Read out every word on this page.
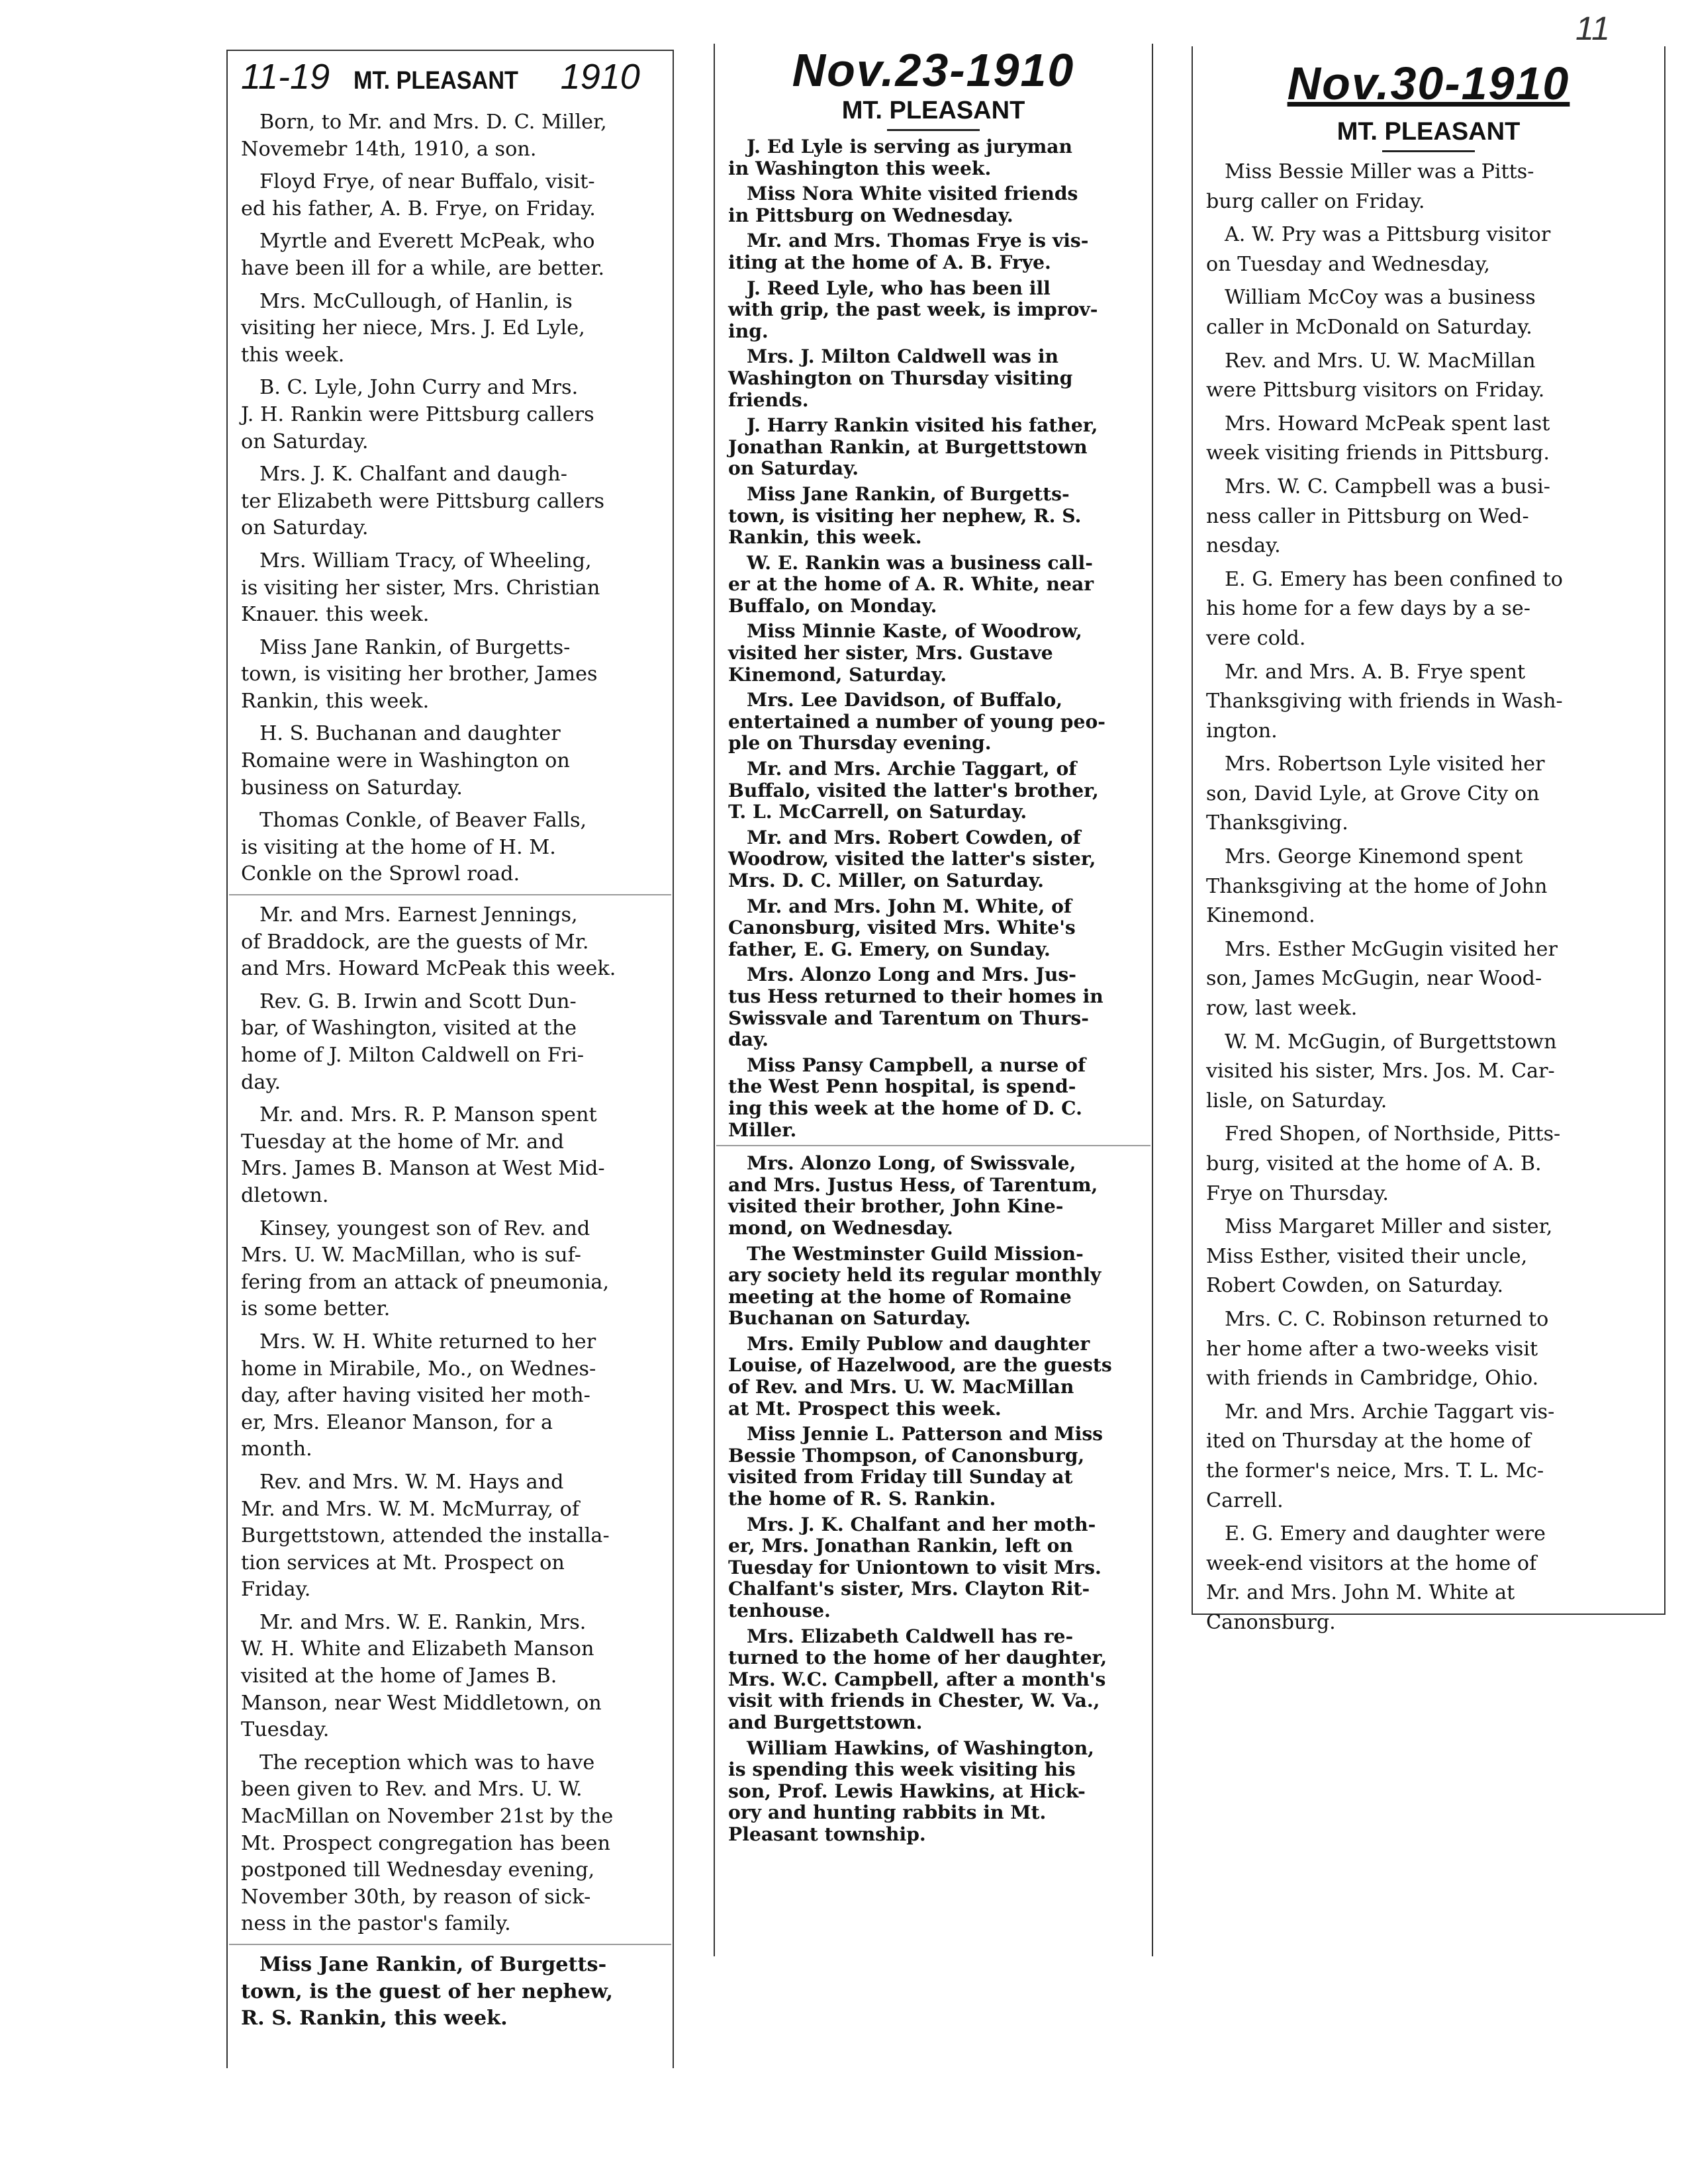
11
11-19 MT. PLEASANT 1910

Born, to Mr. and Mrs. D. C. Miller,
Novemebr 14th, 1910, a son.

Floyd Frye, of near Buffalo, visit-
ed his father, A. B. Frye, on Friday.

Myrtle and Everett McPeak, who
have been ill for a while, are better.

Mrs. McCullough, of Hanlin, is
visiting her niece, Mrs. J. Ed Lyle,
this week.

B. C. Lyle, John Curry and Mrs.
J. H. Rankin were Pittsburg callers
on Saturday.

Mrs. J. K. Chalfant and daugh-
ter Elizabeth were Pittsburg callers
on Saturday.

Mrs. William Tracy, of Wheeling,
is visiting her sister, Mrs. Christian
Knauer. this week.

Miss Jane Rankin, of Burgetts-
town, is visiting her brother, James
Rankin, this week.

H. S. Buchanan and daughter
Romaine were in Washington on
business on Saturday.

Thomas Conkle, of Beaver Falls,
is visiting at the home of H. M.
Conkle on the Sprowl road.

Mr. and Mrs. Earnest Jennings,
of Braddock, are the guests of Mr.
and Mrs. Howard McPeak this week.

Rev. G. B. Irwin and Scott Dun-
bar, of Washington, visited at the
home of J. Milton Caldwell on Fri-
day.

Mr. and. Mrs. R. P. Manson spent
Tuesday at the home of Mr. and
Mrs. James B. Manson at West Mid-
dletown.

Kinsey, youngest son of Rev. and
Mrs. U. W. MacMillan, who is suf-
fering from an attack of pneumonia,
is some better.

Mrs. W. H. White returned to her
home in Mirabile, Mo., on Wednes-
day, after having visited her moth-
er, Mrs. Eleanor Manson, for a
month.

Rev. and Mrs. W. M. Hays and
Mr. and Mrs. W. M. McMurray, of
Burgettstown, attended the installa-
tion services at Mt. Prospect on
Friday.

Mr. and Mrs. W. E. Rankin, Mrs.
W. H. White and Elizabeth Manson
visited at the home of James B.
Manson, near West Middletown, on
Tuesday.

The reception which was to have
been given to Rev. and Mrs. U. W.
MacMillan on November 21st by the
Mt. Prospect congregation has been
postponed till Wednesday evening,
November 30th, by reason of sick-
ness in the pastor's family.

Miss Jane Rankin, of Burgetts-
town, is the guest of her nephew,
R. S. Rankin, this week.

Nov.23-1910
MT. PLEASANT

J. Ed Lyle is serving as juryman
in Washington this week.

Miss Nora White visited friends
in Pittsburg on Wednesday.

Mr. and Mrs. Thomas Frye is vis-
iting at the home of A. B. Frye.

J. Reed Lyle, who has been ill
with grip, the past week, is improv-
ing.

Mrs. J. Milton Caldwell was in
Washington on Thursday visiting
friends.

J. Harry Rankin visited his father,
Jonathan Rankin, at Burgettstown
on Saturday.

Miss Jane Rankin, of Burgetts-
town, is visiting her nephew, R. S.
Rankin, this week.

W. E. Rankin was a business call-
er at the home of A. R. White, near
Buffalo, on Monday.

Miss Minnie Kaste, of Woodrow,
visited her sister, Mrs. Gustave
Kinemond, Saturday.

Mrs. Lee Davidson, of Buffalo,
entertained a number of young peo-
ple on Thursday evening.

Mr. and Mrs. Archie Taggart, of
Buffalo, visited the latter's brother,
T. L. McCarrell, on Saturday.

Mr. and Mrs. Robert Cowden, of
Woodrow, visited the latter's sister,
Mrs. D. C. Miller, on Saturday.

Mr. and Mrs. John M. White, of
Canonsburg, visited Mrs. White's
father, E. G. Emery, on Sunday.

Mrs. Alonzo Long and Mrs. Jus-
tus Hess returned to their homes in
Swissvale and Tarentum on Thurs-
day.

Miss Pansy Campbell, a nurse of
the West Penn hospital, is spend-
ing this week at the home of D. C.
Miller.

Mrs. Alonzo Long, of Swissvale,
and Mrs. Justus Hess, of Tarentum,
visited their brother, John Kine-
mond, on Wednesday.

The Westminster Guild Mission-
ary society held its regular monthly
meeting at the home of Romaine
Buchanan on Saturday.

Mrs. Emily Publow and daughter
Louise, of Hazelwood, are the guests
of Rev. and Mrs. U. W. MacMillan
at Mt. Prospect this week.

Miss Jennie L. Patterson and Miss
Bessie Thompson, of Canonsburg,
visited from Friday till Sunday at
the home of R. S. Rankin.

Mrs. J. K. Chalfant and her moth-
er, Mrs. Jonathan Rankin, left on
Tuesday for Uniontown to visit Mrs.
Chalfant's sister, Mrs. Clayton Rit-
tenhouse.

Mrs. Elizabeth Caldwell has re-
turned to the home of her daughter,
Mrs. W.C. Campbell, after a month's
visit with friends in Chester, W. Va.,
and Burgettstown.

William Hawkins, of Washington,
is spending this week visiting his
son, Prof. Lewis Hawkins, at Hick-
ory and hunting rabbits in Mt.
Pleasant township.

Nov.30-1910
MT. PLEASANT

Miss Bessie Miller was a Pitts-
burg caller on Friday.

A. W. Pry was a Pittsburg visitor
on Tuesday and Wednesday,

William McCoy was a business
caller in McDonald on Saturday.

Rev. and Mrs. U. W. MacMillan
were Pittsburg visitors on Friday.

Mrs. Howard McPeak spent last
week visiting friends in Pittsburg.

Mrs. W. C. Campbell was a busi-
ness caller in Pittsburg on Wed-
nesday.

E. G. Emery has been confined to
his home for a few days by a se-
vere cold.

Mr. and Mrs. A. B. Frye spent
Thanksgiving with friends in Wash-
ington.

Mrs. Robertson Lyle visited her
son, David Lyle, at Grove City on
Thanksgiving.

Mrs. George Kinemond spent
Thanksgiving at the home of John
Kinemond.

Mrs. Esther McGugin visited her
son, James McGugin, near Wood-
row, last week.

W. M. McGugin, of Burgettstown
visited his sister, Mrs. Jos. M. Car-
lisle, on Saturday.

Fred Shopen, of Northside, Pitts-
burg, visited at the home of A. B.
Frye on Thursday.

Miss Margaret Miller and sister,
Miss Esther, visited their uncle,
Robert Cowden, on Saturday.

Mrs. C. C. Robinson returned to
her home after a two-weeks visit
with friends in Cambridge, Ohio.

Mr. and Mrs. Archie Taggart vis-
ited on Thursday at the home of
the former's neice, Mrs. T. L. Mc-
Carrell.

E. G. Emery and daughter were
week-end visitors at the home of
Mr. and Mrs. John M. White at
Canonsburg.
